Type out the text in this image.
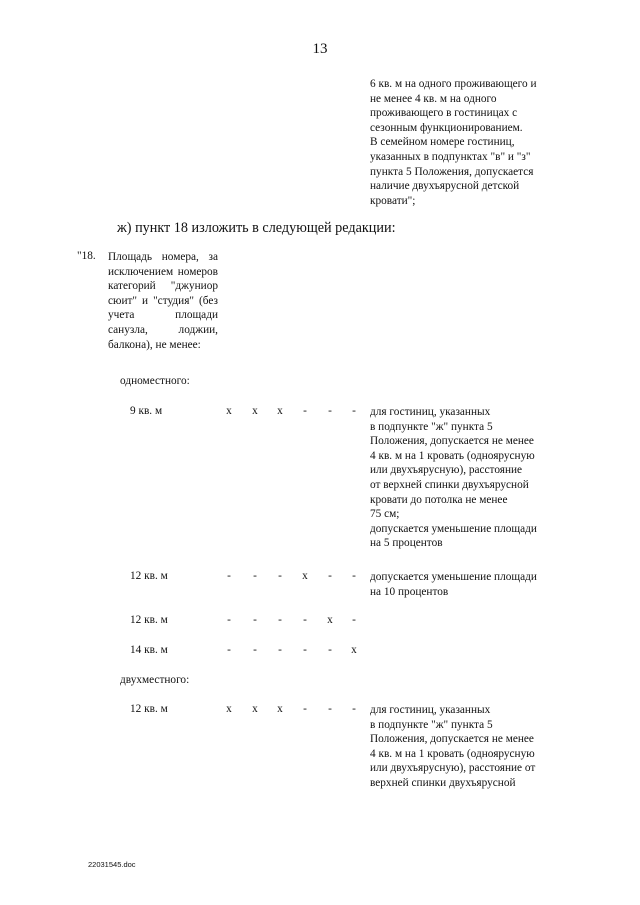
13
6 кв. м на одного проживающего и
не менее 4 кв. м на одного
проживающего в гостиницах с
сезонным функционированием.
В семейном номере гостиниц,
указанных в подпунктах "в" и "з"
пункта 5 Положения, допускается
наличие двухъярусной детской
кровати";
ж) пункт 18 изложить в следующей редакции:
"18. Площадь номера, за исключением номеров категорий "джуниор сюит" и "студия" (без учета площади санузла, лоджии, балкона), не менее:
одноместного:
9 кв. м	х	х	х	-	-	-	для гостиниц, указанных
в подпункте "ж" пункта 5
Положения, допускается не менее
4 кв. м на 1 кровать (одноярусную
или двухъярусную), расстояние
от верхней спинки двухъярусной
кровати до потолка не менее
75 см;
допускается уменьшение площади
на 5 процентов
12 кв. м	-	-	-	х	-	-	допускается уменьшение площади
на 10 процентов
12 кв. м	-	-	-	-	х	-
14 кв. м	-	-	-	-	-	х
двухместного:
12 кв. м	х	х	х	-	-	-	для гостиниц, указанных
в подпункте "ж" пункта 5
Положения, допускается не менее
4 кв. м на 1 кровать (одноярусную
или двухъярусную), расстояние от
верхней спинки двухъярусной
22031545.doc
